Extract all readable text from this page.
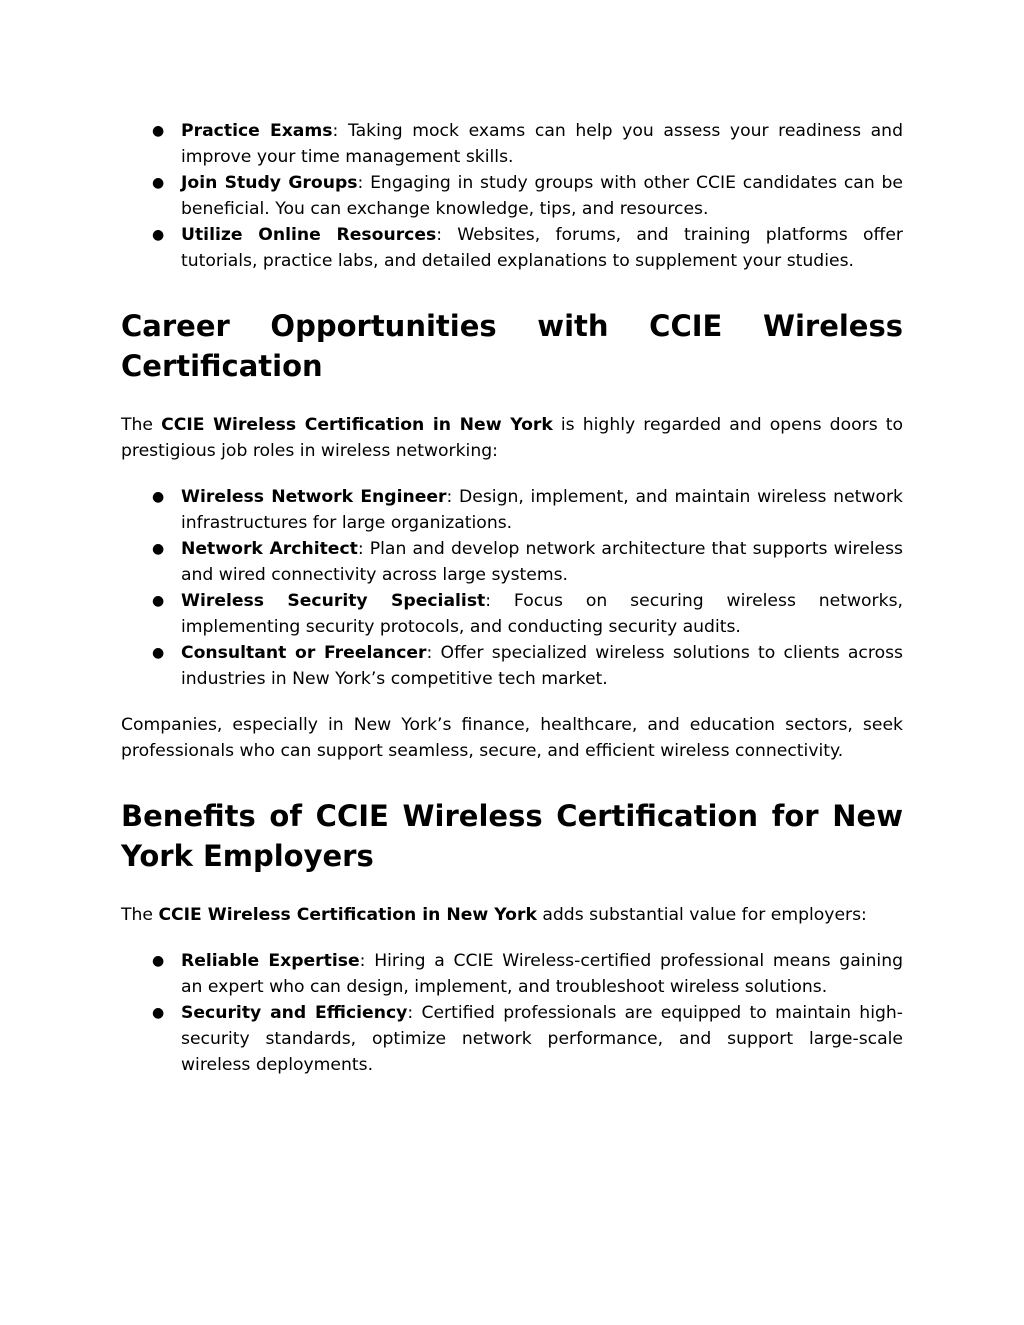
● Practice Exams: Taking mock exams can help you assess your readiness and improve your time management skills.
● Join Study Groups: Engaging in study groups with other CCIE candidates can be beneficial. You can exchange knowledge, tips, and resources.
● Utilize Online Resources: Websites, forums, and training platforms offer tutorials, practice labs, and detailed explanations to supplement your studies.
Career Opportunities with CCIE Wireless Certification

The CCIE Wireless Certification in New York is highly regarded and opens doors to prestigious job roles in wireless networking:

● Wireless Network Engineer: Design, implement, and maintain wireless network infrastructures for large organizations.
● Network Architect: Plan and develop network architecture that supports wireless and wired connectivity across large systems.
● Wireless Security Specialist: Focus on securing wireless networks, implementing security protocols, and conducting security audits.
● Consultant or Freelancer: Offer specialized wireless solutions to clients across industries in New York’s competitive tech market.

Companies, especially in New York’s finance, healthcare, and education sectors, seek professionals who can support seamless, secure, and efficient wireless connectivity.

Benefits of CCIE Wireless Certification for New York Employers

The CCIE Wireless Certification in New York adds substantial value for employers:

● Reliable Expertise: Hiring a CCIE Wireless-certified professional means gaining an expert who can design, implement, and troubleshoot wireless solutions.
● Security and Efficiency: Certified professionals are equipped to maintain high-security standards, optimize network performance, and support large-scale wireless deployments.
